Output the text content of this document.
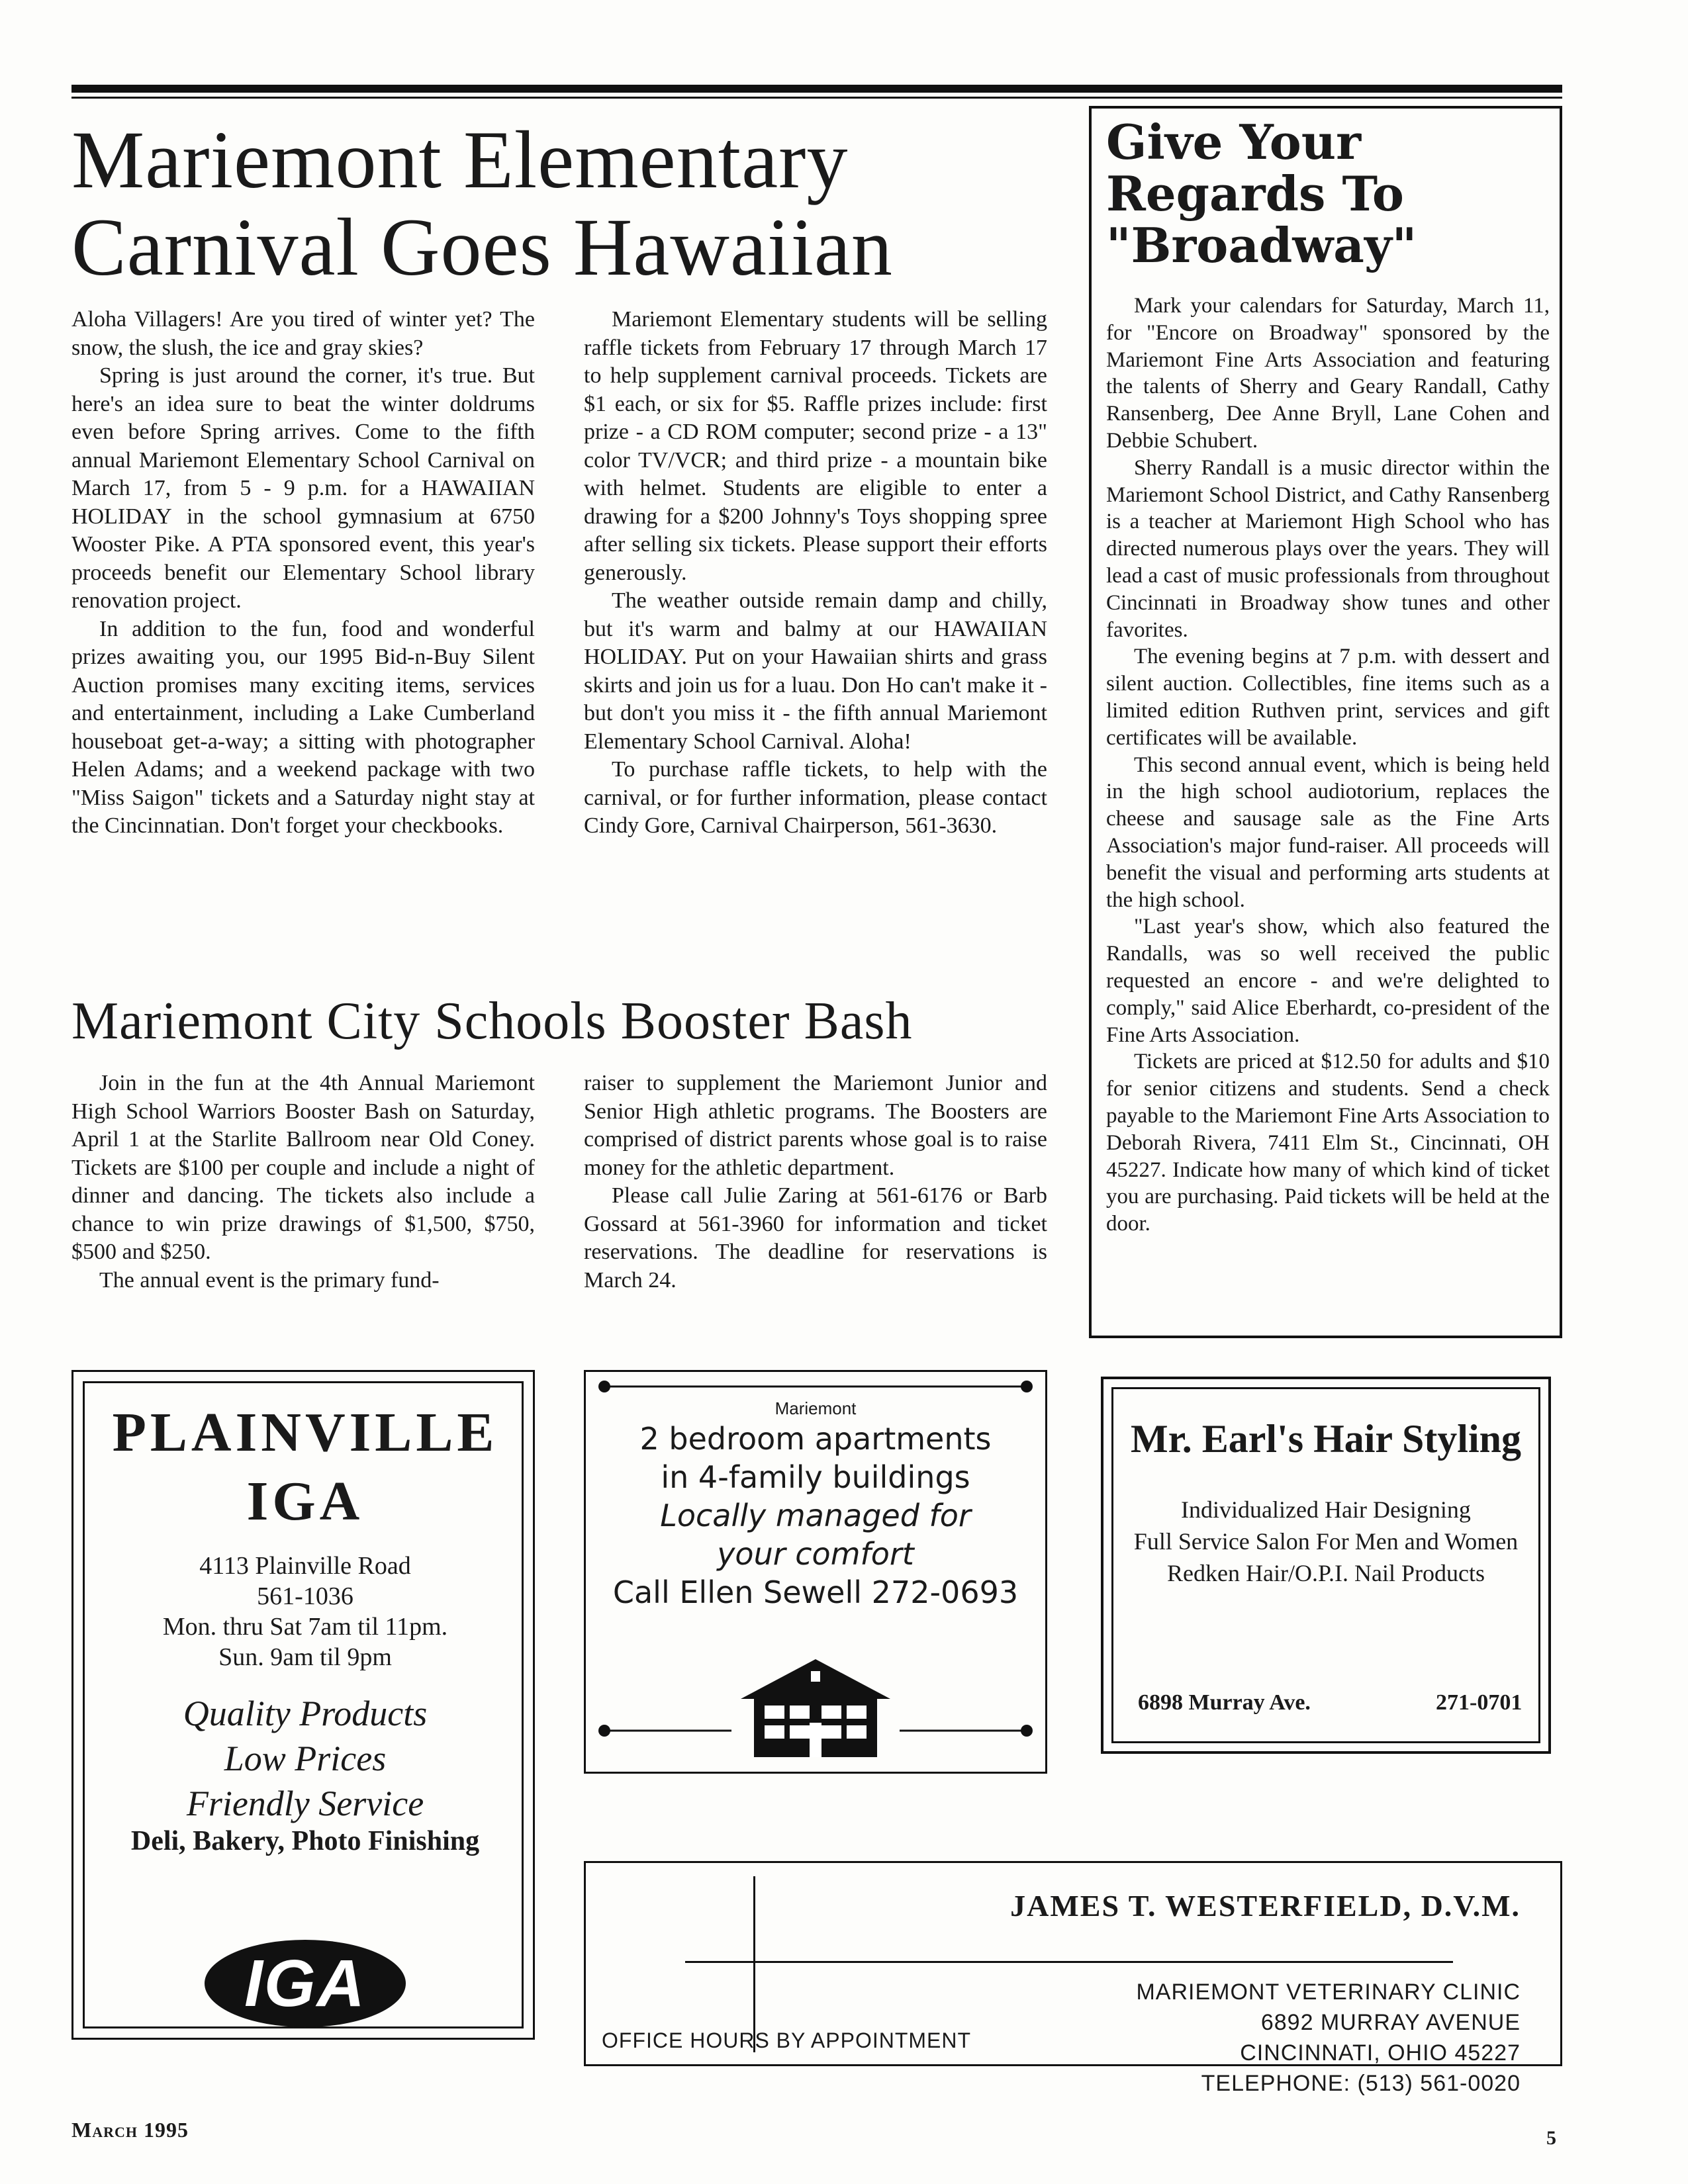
Mariemont Elementary
Carnival Goes Hawaiian
Aloha Villagers! Are you tired of winter yet? The snow, the slush, the ice and gray skies?
Spring is just around the corner, it's true. But here's an idea sure to beat the winter doldrums even before Spring arrives. Come to the fifth annual Mariemont Elementary School Carnival on March 17, from 5 - 9 p.m. for a HAWAIIAN HOLIDAY in the school gymnasium at 6750 Wooster Pike. A PTA sponsored event, this year's proceeds benefit our Elementary School library renovation project.
In addition to the fun, food and wonderful prizes awaiting you, our 1995 Bid-n-Buy Silent Auction promises many exciting items, services and entertainment, including a Lake Cumberland houseboat get-a-way; a sitting with photographer Helen Adams; and a weekend package with two "Miss Saigon" tickets and a Saturday night stay at the Cincinnatian. Don't forget your checkbooks.
Mariemont Elementary students will be selling raffle tickets from February 17 through March 17 to help supplement carnival proceeds. Tickets are $1 each, or six for $5. Raffle prizes include: first prize - a CD ROM computer; second prize - a 13" color TV/VCR; and third prize - a mountain bike with helmet. Students are eligible to enter a drawing for a $200 Johnny's Toys shopping spree after selling six tickets. Please support their efforts generously.
The weather outside remain damp and chilly, but it's warm and balmy at our HAWAIIAN HOLIDAY. Put on your Hawaiian shirts and grass skirts and join us for a luau. Don Ho can't make it - but don't you miss it - the fifth annual Mariemont Elementary School Carnival. Aloha!
To purchase raffle tickets, to help with the carnival, or for further information, please contact Cindy Gore, Carnival Chairperson, 561-3630.
Give Your
Regards To
"Broadway"
Mark your calendars for Saturday, March 11, for "Encore on Broadway" sponsored by the Mariemont Fine Arts Association and featuring the talents of Sherry and Geary Randall, Cathy Ransenberg, Dee Anne Bryll, Lane Cohen and Debbie Schubert.
Sherry Randall is a music director within the Mariemont School District, and Cathy Ransenberg is a teacher at Mariemont High School who has directed numerous plays over the years. They will lead a cast of music professionals from throughout Cincinnati in Broadway show tunes and other favorites.
The evening begins at 7 p.m. with dessert and silent auction. Collectibles, fine items such as a limited edition Ruthven print, services and gift certificates will be available.
This second annual event, which is being held in the high school audiotorium, replaces the cheese and sausage sale as the Fine Arts Association's major fund-raiser. All proceeds will benefit the visual and performing arts students at the high school.
"Last year's show, which also featured the Randalls, was so well received the public requested an encore - and we're delighted to comply," said Alice Eberhardt, co-president of the Fine Arts Association.
Tickets are priced at $12.50 for adults and $10 for senior citizens and students. Send a check payable to the Mariemont Fine Arts Association to Deborah Rivera, 7411 Elm St., Cincinnati, OH 45227. Indicate how many of which kind of ticket you are purchasing. Paid tickets will be held at the door.
Mariemont City Schools Booster Bash
Join in the fun at the 4th Annual Mariemont High School Warriors Booster Bash on Saturday, April 1 at the Starlite Ballroom near Old Coney. Tickets are $100 per couple and include a night of dinner and dancing. The tickets also include a chance to win prize drawings of $1,500, $750, $500 and $250.
The annual event is the primary fund-
raiser to supplement the Mariemont Junior and Senior High athletic programs. The Boosters are comprised of district parents whose goal is to raise money for the athletic department.
Please call Julie Zaring at 561-6176 or Barb Gossard at 561-3960 for information and ticket reservations. The deadline for reservations is March 24.
PLAINVILLE
IGA
4113 Plainville Road
561-1036
Mon. thru Sat 7am til 11pm.
Sun. 9am til 9pm
Quality Products
Low Prices
Friendly Service
Deli, Bakery, Photo Finishing
IGA
Mariemont
2 bedroom apartments
in 4-family buildings
Locally managed for
your comfort
Call Ellen Sewell 272-0693
Mr. Earl's Hair Styling
Individualized Hair Designing
Full Service Salon For Men and Women
Redken Hair/O.P.I. Nail Products
6898 Murray Ave.	271-0701
JAMES T. WESTERFIELD, D.V.M.
MARIEMONT VETERINARY CLINIC
6892 MURRAY AVENUE
CINCINNATI, OHIO 45227
TELEPHONE: (513) 561-0020
OFFICE HOURS BY APPOINTMENT
March 1995	5
